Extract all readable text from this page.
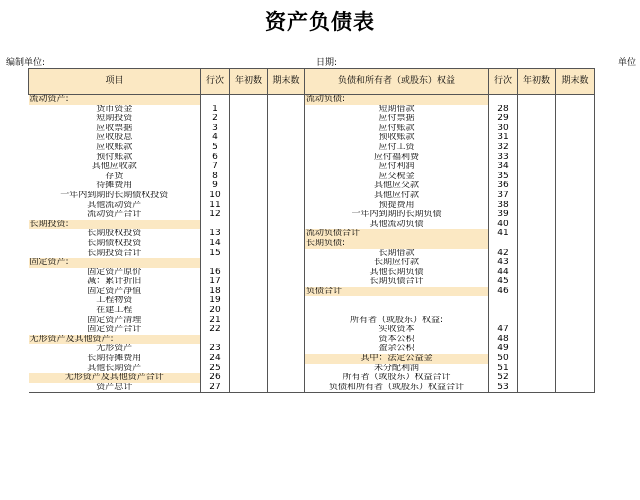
资产负债表
编制单位:	日期:	单位
项目	行次	年初数	期末数	负债和所有者（或股东）权益	行次	年初数	期末数
流动资产:				流动负债:			
货币资金	1			短期借款	28		
短期投资	2			应付票据	29		
应收票据	3			应付账款	30		
应收股息	4			预收账款	31		
应收账款	5			应付工资	32		
预付账款	6			应付福利费	33		
其他应收款	7			应付利润	34		
存货	8			应交税金	35		
待摊费用	9			其他应交款	36		
一年内到期的长期债权投资	10			其他应付款	37		
其他流动资产	11			预提费用	38		
流动资产合计	12			一年内到期的长期负债	39		
长期投资:				其他流动负债	40		
长期股权投资	13			流动负债合计	41		
长期债权投资	14			长期负债:			
长期投资合计	15			长期借款	42		
固定资产:				长期应付款	43		
固定资产原价	16			其他长期负债	44		
减：累计折旧	17			长期负债合计	45		
固定资产净值	18			负债合计	46		
工程物资	19						
在建工程	20						
固定资产清理	21			所有者（或股东）权益:			
固定资产合计	22			实收资本	47		
无形资产及其他资产:				资本公积	48		
无形资产	23			盈余公积	49		
长期待摊费用	24			其中：法定公益金	50		
其他长期资产	25			未分配利润	51		
无形资产及其他资产合计	26			所有者（或股东）权益合计	52		
资产总计	27			负债和所有者（或股东）权益合计	53		
